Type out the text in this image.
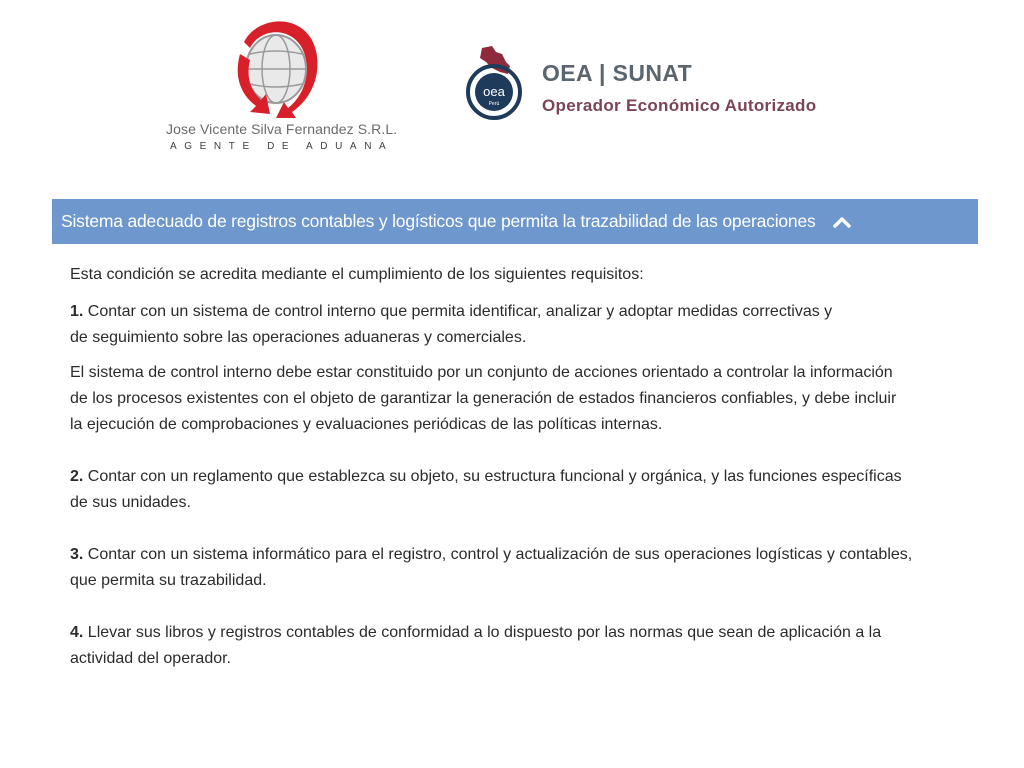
Jose Vicente Silva Fernandez S.R.L.
AGENTE DE ADUANA
oea
Perú
OEA | SUNAT
Operador Económico Autorizado
Sistema adecuado de registros contables y logísticos que permita la trazabilidad de las operaciones

Esta condición se acredita mediante el cumplimiento de los siguientes requisitos:

1. Contar con un sistema de control interno que permita identificar, analizar y adoptar medidas correctivas y
de seguimiento sobre las operaciones aduaneras y comerciales.

El sistema de control interno debe estar constituido por un conjunto de acciones orientado a controlar la información
de los procesos existentes con el objeto de garantizar la generación de estados financieros confiables, y debe incluir
la ejecución de comprobaciones y evaluaciones periódicas de las políticas internas.

2. Contar con un reglamento que establezca su objeto, su estructura funcional y orgánica, y las funciones específicas
de sus unidades.

3. Contar con un sistema informático para el registro, control y actualización de sus operaciones logísticas y contables,
que permita su trazabilidad.

4. Llevar sus libros y registros contables de conformidad a lo dispuesto por las normas que sean de aplicación a la
actividad del operador.
